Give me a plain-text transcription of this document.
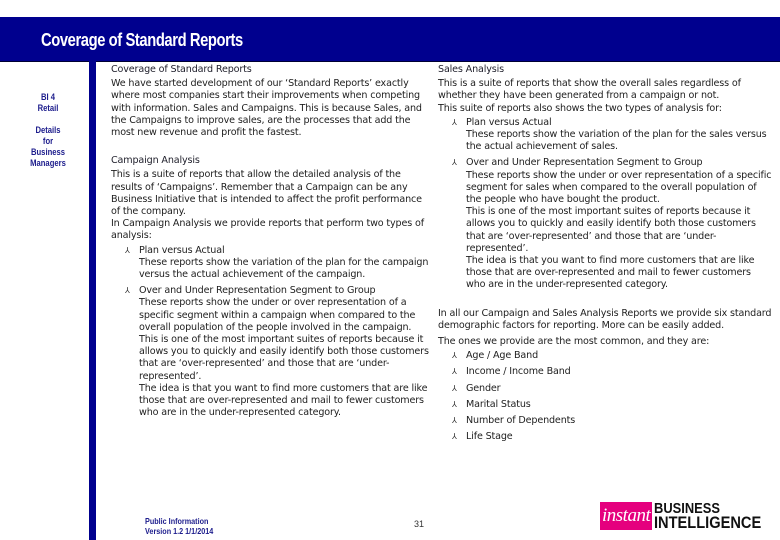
Coverage of Standard Reports
BI 4
Retail
Details
for
Business
Managers
Coverage of Standard Reports

We have started development of our ‘Standard Reports’ exactly where most companies start their improvements when competing with information. Sales and Campaigns. This is because Sales, and the Campaigns to improve sales, are the processes that add the most new revenue and profit the fastest.

Campaign Analysis

This is a suite of reports that allow the detailed analysis of the results of ‘Campaigns’. Remember that a Campaign can be any Business Initiative that is intended to affect the profit performance of the company.

In Campaign Analysis we provide reports that perform two types of analysis:

⅄ Plan versus Actual
These reports show the variation of the plan for the campaign versus the actual achievement of the campaign.
⅄ Over and Under Representation Segment to Group
These reports show the under or over representation of a specific segment within a campaign when compared to the overall population of the people involved in the campaign.
This is one of the most important suites of reports because it allows you to quickly and easily identify both those customers that are ‘over-represented’ and those that are ‘under-represented’.
The idea is that you want to find more customers that are like those that are over-represented and mail to fewer customers who are in the under-represented category.
Sales Analysis

This is a suite of reports that show the overall sales regardless of whether they have been generated from a campaign or not.

This suite of reports also shows the two types of analysis for:

⅄ Plan versus Actual
These reports show the variation of the plan for the sales versus the actual achievement of sales.
⅄ Over and Under Representation Segment to Group
These reports show the under or over representation of a specific segment for sales when compared to the overall population of the people who have bought the product.
This is one of the most important suites of reports because it allows you to quickly and easily identify both those customers that are ‘over-represented’ and those that are ‘under-represented’.
The idea is that you want to find more customers that are like those that are over-represented and mail to fewer customers who are in the under-represented category.

In all our Campaign and Sales Analysis Reports we provide six standard demographic factors for reporting. More can be easily added.

The ones we provide are the most common, and they are:

⅄ Age / Age Band
⅄ Income / Income Band
⅄ Gender
⅄ Marital Status
⅄ Number of Dependents
⅄ Life Stage
Public Information
Version 1.2 1/1/2014
31	instant BUSINESS
INTELLIGENCE
